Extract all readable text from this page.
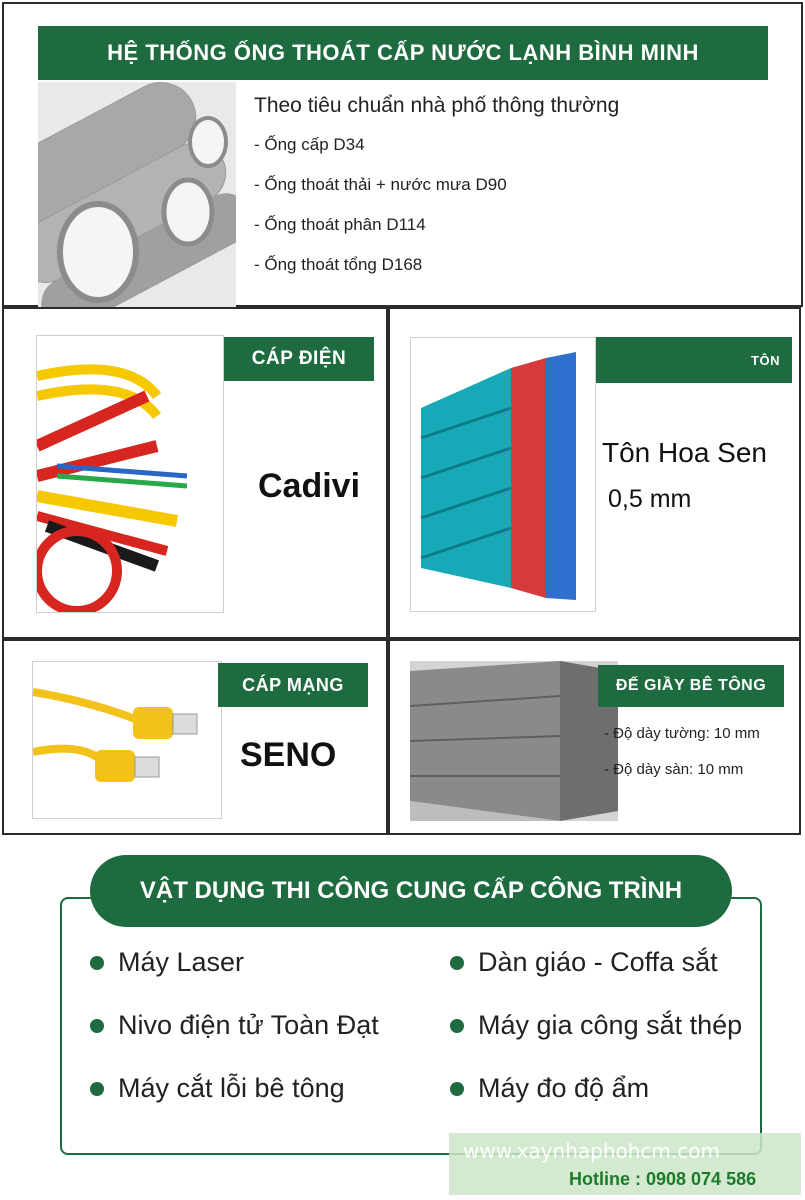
HỆ THỐNG ỐNG THOÁT CẤP NƯỚC LẠNH BÌNH MINH
Theo tiêu chuẩn nhà phố thông thường
- Ống cấp D34
- Ống thoát thải + nước mưa D90
- Ống thoát phân D114
- Ống thoát tổng D168
CÁP ĐIỆN
Cadivi
TÔN
Tôn Hoa Sen
0,5 mm
CÁP MẠNG
SENO
ĐẾ GIẦY BÊ TÔNG
- Độ dày tường: 10 mm
- Độ dày sàn: 10 mm
VẬT DỤNG THI CÔNG CUNG CẤP CÔNG TRÌNH
Máy Laser
Nivo điện tử Toàn Đạt
Máy cắt lỗi bê tông
Dàn giáo - Coffa sắt
Máy gia công sắt thép
Máy đo độ ẩm
www.xaynhaphohcm.com
Hotline : 0908 074 586
